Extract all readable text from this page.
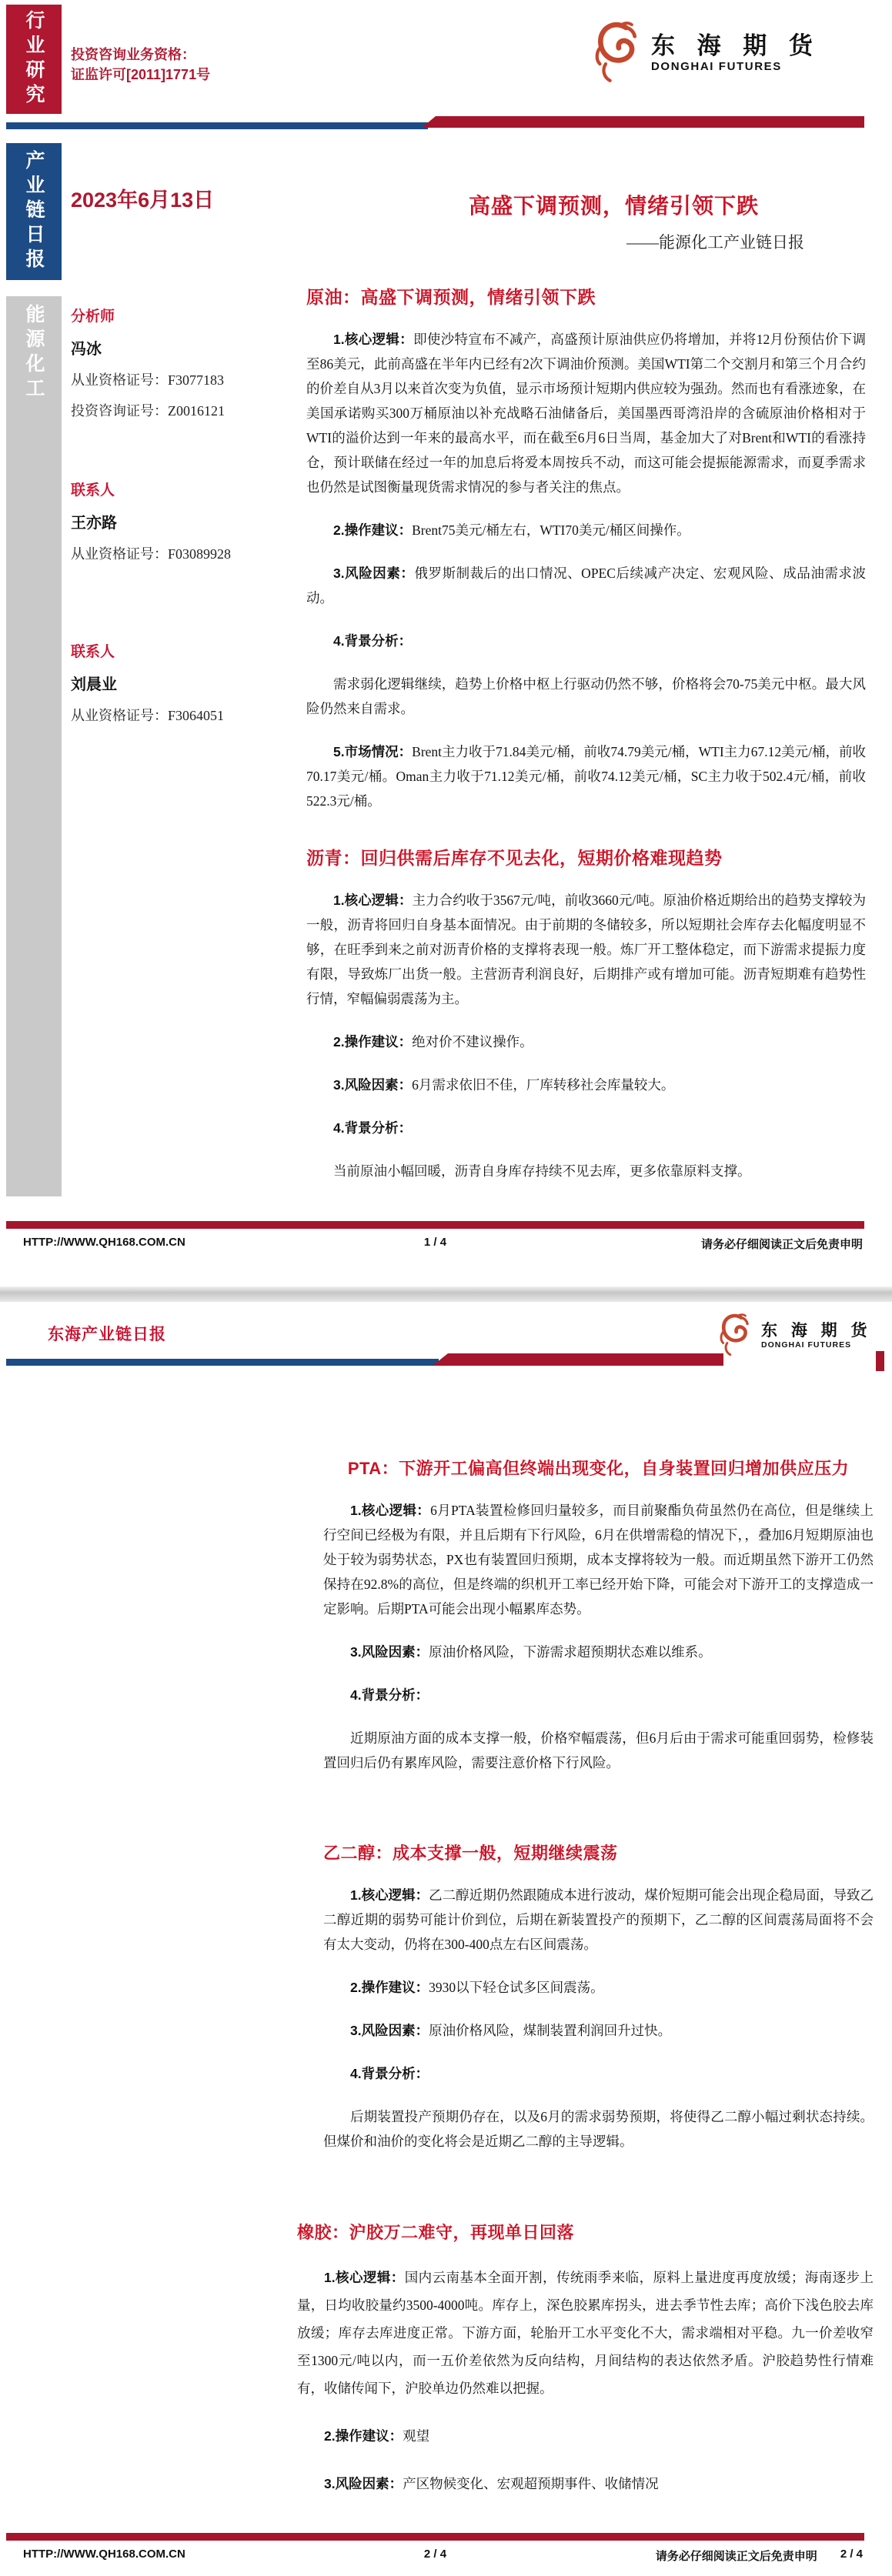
行业研究 投资咨询业务资格：
证监许可[2011]1771号
东 海 期 货
DONGHAI FUTURES
产业链日报 2023年6月13日	高盛下调预测，情绪引领下跌
——能源化工产业链日报
能源化工 分析师
冯冰
从业资格证号：F3077183
投资咨询证号：Z0016121
联系人
王亦路
从业资格证号：F03089928
联系人
刘晨业
从业资格证号：F3064051
原油：高盛下调预测，情绪引领下跌

1.核心逻辑：即使沙特宣布不减产，高盛预计原油供应仍将增加，并将12月份预估价下调至86美元，此前高盛在半年内已经有2次下调油价预测。美国WTI第二个交割月和第三个月合约的价差自从3月以来首次变为负值，显示市场预计短期内供应较为强劲。然而也有看涨迹象，在美国承诺购买300万桶原油以补充战略石油储备后，美国墨西哥湾沿岸的含硫原油价格相对于WTI的溢价达到一年来的最高水平，而在截至6月6日当周，基金加大了对Brent和WTI的看涨持仓，预计联储在经过一年的加息后将爱本周按兵不动，而这可能会提振能源需求，而夏季需求也仍然是试图衡量现货需求情况的参与者关注的焦点。

2.操作建议：Brent75美元/桶左右，WTI70美元/桶区间操作。

3.风险因素：俄罗斯制裁后的出口情况、OPEC后续减产决定、宏观风险、成品油需求波动。

4.背景分析：

需求弱化逻辑继续，趋势上价格中枢上行驱动仍然不够，价格将会70-75美元中枢。最大风险仍然来自需求。

5.市场情况：Brent主力收于71.84美元/桶，前收74.79美元/桶，WTI主力67.12美元/桶，前收70.17美元/桶。Oman主力收于71.12美元/桶，前收74.12美元/桶，SC主力收于502.4元/桶，前收522.3元/桶。

沥青：回归供需后库存不见去化，短期价格难现趋势

1.核心逻辑：主力合约收于3567元/吨，前收3660元/吨。原油价格近期给出的趋势支撑较为一般，沥青将回归自身基本面情况。由于前期的冬储较多，所以短期社会库存去化幅度明显不够，在旺季到来之前对沥青价格的支撑将表现一般。炼厂开工整体稳定，而下游需求提振力度有限，导致炼厂出货一般。主营沥青利润良好，后期排产或有增加可能。沥青短期难有趋势性行情，窄幅偏弱震荡为主。

2.操作建议：绝对价不建议操作。

3.风险因素：6月需求依旧不佳，厂库转移社会库量较大。

4.背景分析：

当前原油小幅回暖，沥青自身库存持续不见去库，更多依靠原料支撑。

HTTP://WWW.QH168.COM.CN	1 / 4	请务必仔细阅读正文后免责申明
东海产业链日报	东 海 期 货
DONGHAI FUTURES
PTA：下游开工偏高但终端出现变化，自身装置回归增加供应压力

1.核心逻辑：6月PTA装置检修回归量较多，而目前聚酯负荷虽然仍在高位，但是继续上行空间已经极为有限，并且后期有下行风险，6月在供增需稳的情况下，，叠加6月短期原油也处于较为弱势状态，PX也有装置回归预期，成本支撑将较为一般。而近期虽然下游开工仍然保持在92.8%的高位，但是终端的织机开工率已经开始下降，可能会对下游开工的支撑造成一定影响。后期PTA可能会出现小幅累库态势。

3.风险因素：原油价格风险，下游需求超预期状态难以维系。

4.背景分析：

近期原油方面的成本支撑一般，价格窄幅震荡，但6月后由于需求可能重回弱势，检修装置回归后仍有累库风险，需要注意价格下行风险。

乙二醇：成本支撑一般，短期继续震荡

1.核心逻辑：乙二醇近期仍然跟随成本进行波动，煤价短期可能会出现企稳局面，导致乙二醇近期的弱势可能计价到位，后期在新装置投产的预期下，乙二醇的区间震荡局面将不会有太大变动，仍将在300-400点左右区间震荡。

2.操作建议：3930以下轻仓试多区间震荡。

3.风险因素：原油价格风险，煤制装置利润回升过快。

4.背景分析：

后期装置投产预期仍存在，以及6月的需求弱势预期，将使得乙二醇小幅过剩状态持续。但煤价和油价的变化将会是近期乙二醇的主导逻辑。

橡胶：沪胶万二难守，再现单日回落

1.核心逻辑：国内云南基本全面开割，传统雨季来临，原料上量进度再度放缓；海南逐步上量，日均收胶量约3500-4000吨。库存上，深色胶累库拐头，进去季节性去库；高价下浅色胶去库放缓；库存去库进度正常。下游方面，轮胎开工水平变化不大，需求端相对平稳。九一价差收窄至1300元/吨以内，而一五价差依然为反向结构，月间结构的表达依然矛盾。沪胶趋势性行情难有，收储传闻下，沪胶单边仍然难以把握。

2.操作建议：观望

3.风险因素：产区物候变化、宏观超预期事件、收储情况

HTTP://WWW.QH168.COM.CN	2 / 4	请务必仔细阅读正文后免责申明 2 / 4
